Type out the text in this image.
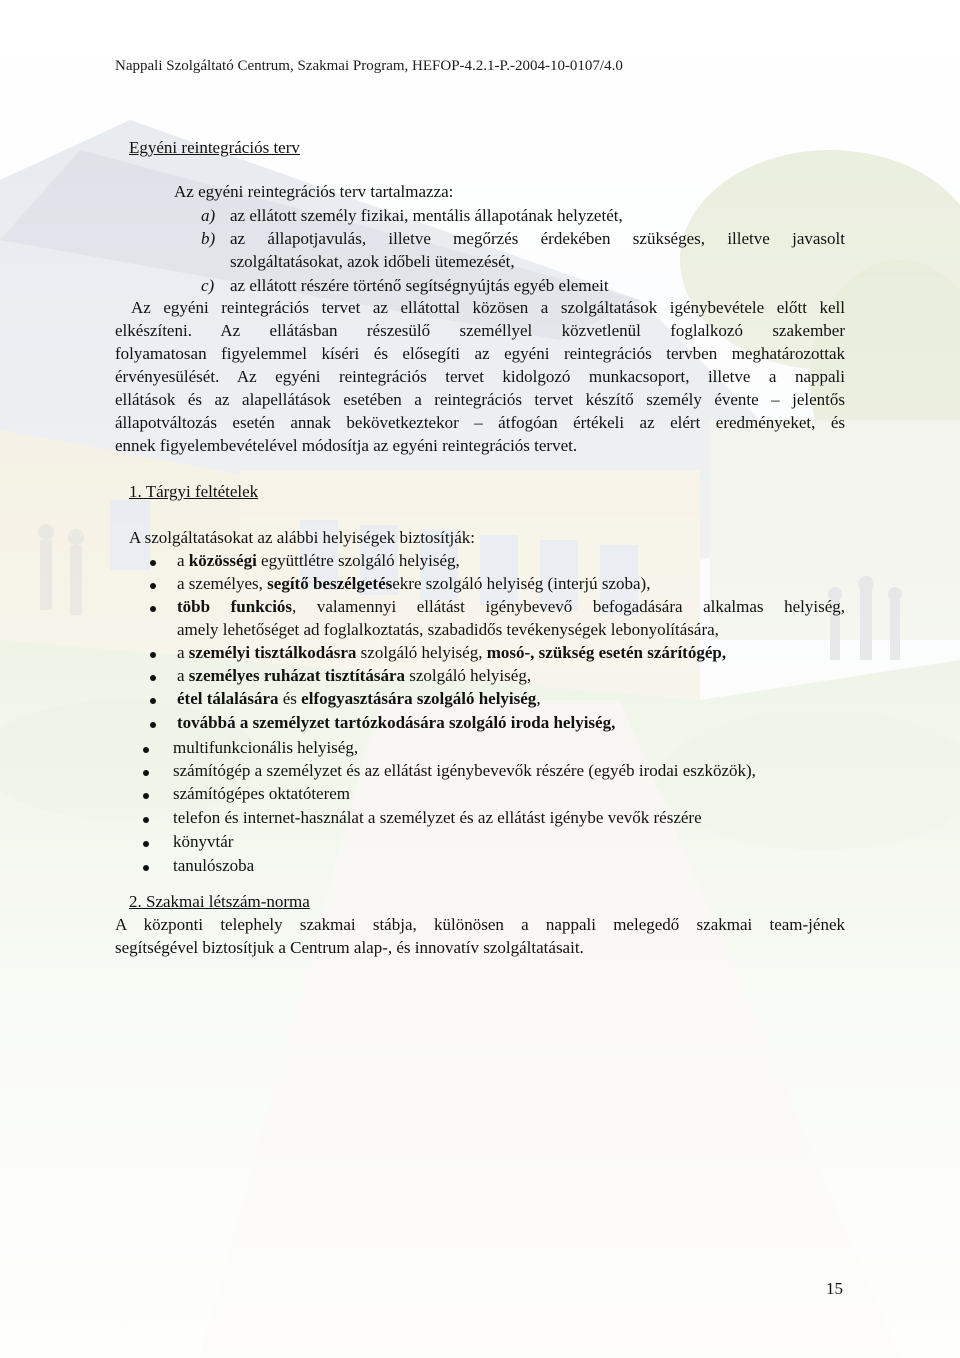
Nappali Szolgáltató Centrum, Szakmai Program, HEFOP-4.2.1-P.-2004-10-0107/4.0
Egyéni reintegrációs terv
Az egyéni reintegrációs terv tartalmazza:
a) az ellátott személy fizikai, mentális állapotának helyzetét,
b) az állapotjavulás, illetve megőrzés érdekében szükséges, illetve javasolt
szolgáltatásokat, azok időbeli ütemezését,
c) az ellátott részére történő segítségnyújtás egyéb elemeit
Az egyéni reintegrációs tervet az ellátottal közösen a szolgáltatások igénybevétele előtt kell
elkészíteni. Az ellátásban részesülő személlyel közvetlenül foglalkozó szakember
folyamatosan figyelemmel kíséri és elősegíti az egyéni reintegrációs tervben meghatározottak
érvényesülését. Az egyéni reintegrációs tervet kidolgozó munkacsoport, illetve a nappali
ellátások és az alapellátások esetében a reintegrációs tervet készítő személy évente – jelentős
állapotváltozás esetén annak bekövetkeztekor – átfogóan értékeli az elért eredményeket, és
ennek figyelembevételével módosítja az egyéni reintegrációs tervet.
1. Tárgyi feltételek
A szolgáltatásokat az alábbi helyiségek biztosítják:
a közösségi együttlétre szolgáló helyiség,
a személyes, segítő beszélgetésekre szolgáló helyiség (interjú szoba),
több funkciós, valamennyi ellátást igénybevevő befogadására alkalmas helyiség,
amely lehetőséget ad foglalkoztatás, szabadidős tevékenységek lebonyolítására,
a személyi tisztálkodásra szolgáló helyiség, mosó-, szükség esetén szárítógép,
a személyes ruházat tisztítására szolgáló helyiség,
étel tálalására és elfogyasztására szolgáló helyiség,
továbbá a személyzet tartózkodására szolgáló iroda helyiség,
multifunkcionális helyiség,
számítógép a személyzet és az ellátást igénybevevők részére (egyéb irodai eszközök),
számítógépes oktatóterem
telefon és internet-használat a személyzet és az ellátást igénybe vevők részére
könyvtár
tanulószoba
2. Szakmai létszám-norma
A központi telephely szakmai stábja, különösen a nappali melegedő szakmai team-jének
segítségével biztosítjuk a Centrum alap-, és innovatív szolgáltatásait.
15
